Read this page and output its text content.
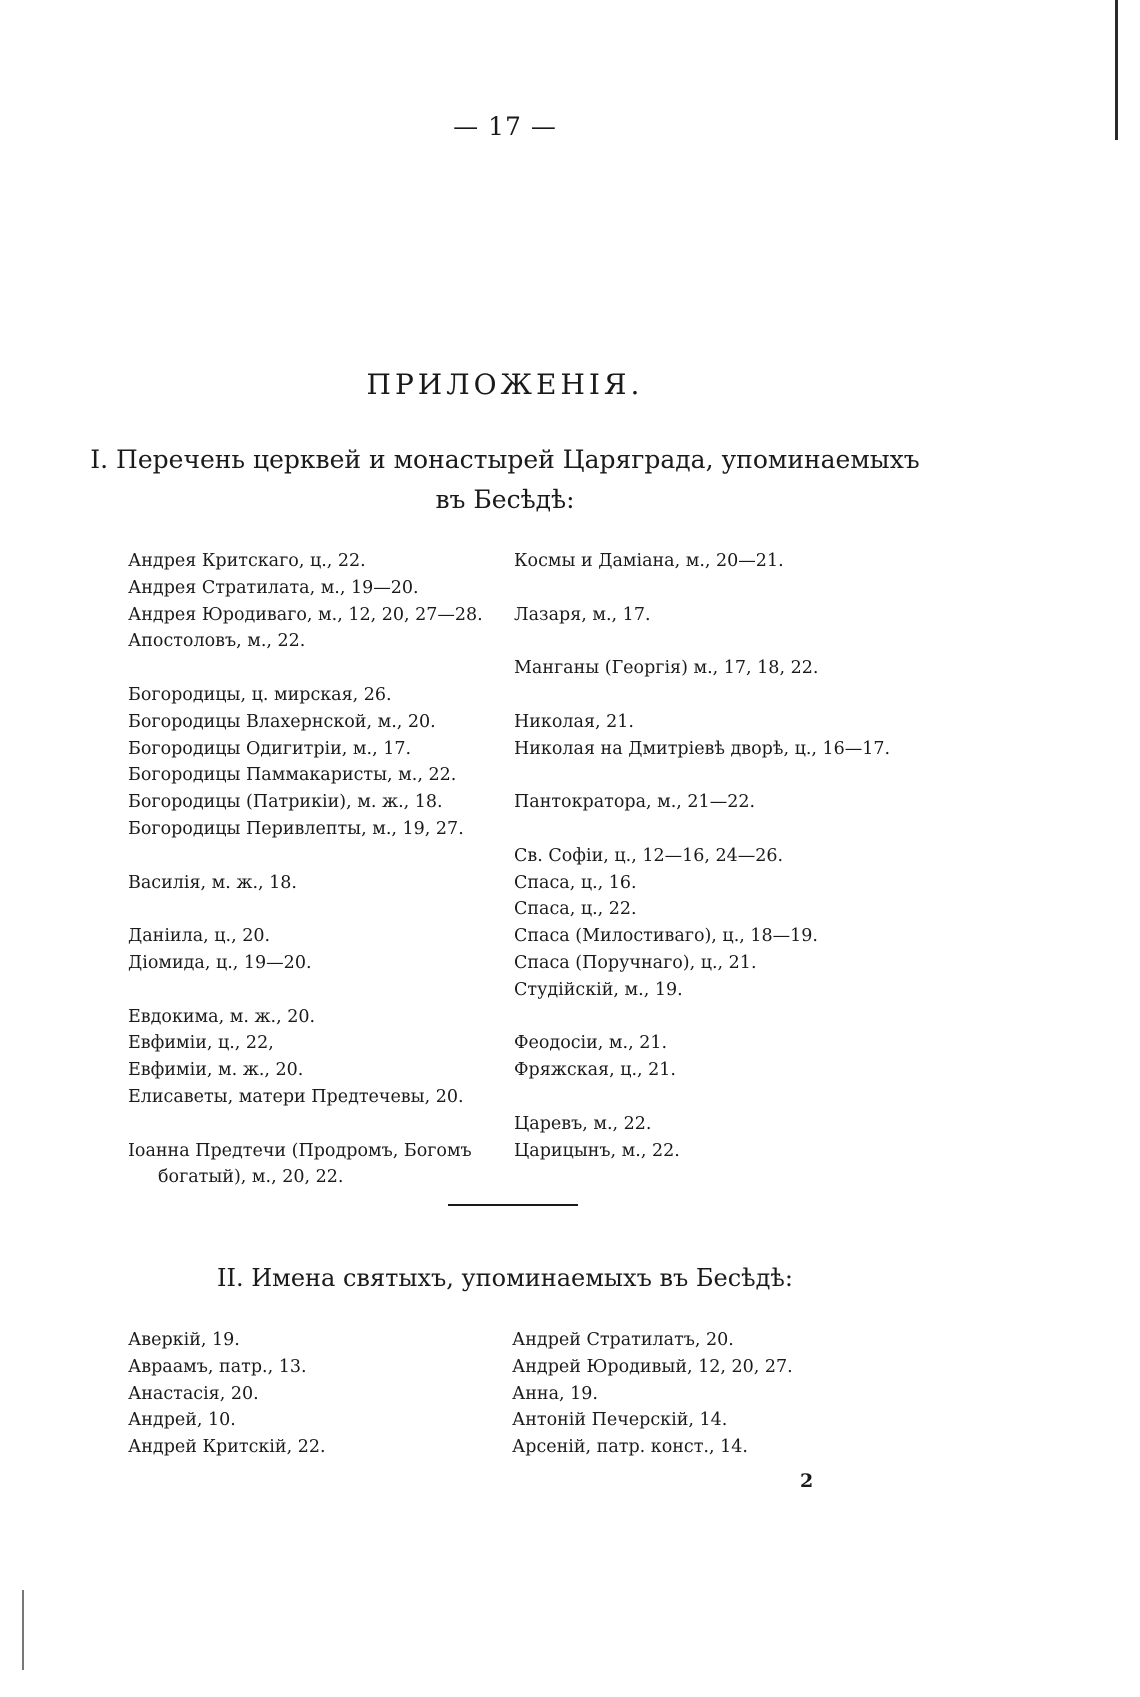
— 17 —
ПРИЛОЖЕНІЯ.
I. Перечень церквей и монастырей Царяграда, упоминаемыхъ
въ Бесѣдѣ:
Андрея Критскаго, ц., 22.
Андрея Стратилата, м., 19—20.
Андрея Юродиваго, м., 12, 20, 27—28.
Апостоловъ, м., 22.
Богородицы, ц. мирская, 26.
Богородицы Влахернской, м., 20.
Богородицы Одигитріи, м., 17.
Богородицы Паммакаристы, м., 22.
Богородицы (Патрикіи), м. ж., 18.
Богородицы Перивлепты, м., 19, 27.
Василія, м. ж., 18.
Даніила, ц., 20.
Діомида, ц., 19—20.
Евдокима, м. ж., 20.
Евфиміи, ц., 22,
Евфиміи, м. ж., 20.
Елисаветы, матери Предтечевы, 20.
Іоанна Предтечи (Продромъ, Богомъ богатый), м., 20, 22.
Космы и Даміана, м., 20—21.
Лазаря, м., 17.
Манганы (Георгія) м., 17, 18, 22.
Николая, 21.
Николая на Дмитріевѣ дворѣ, ц., 16—17.
Пантократора, м., 21—22.
Св. Софіи, ц., 12—16, 24—26.
Спаса, ц., 16.
Спаса, ц., 22.
Спаса (Милостиваго), ц., 18—19.
Спаса (Поручнаго), ц., 21.
Студійскій, м., 19.
Феодосіи, м., 21.
Фряжская, ц., 21.
Царевъ, м., 22.
Царицынъ, м., 22.
II. Имена святыхъ, упоминаемыхъ въ Бесѣдѣ:
Аверкій, 19.
Авраамъ, патр., 13.
Анастасія, 20.
Андрей, 10.
Андрей Критскій, 22.
Андрей Стратилатъ, 20.
Андрей Юродивый, 12, 20, 27.
Анна, 19.
Антоній Печерскій, 14.
Арсеній, патр. конст., 14.
2
